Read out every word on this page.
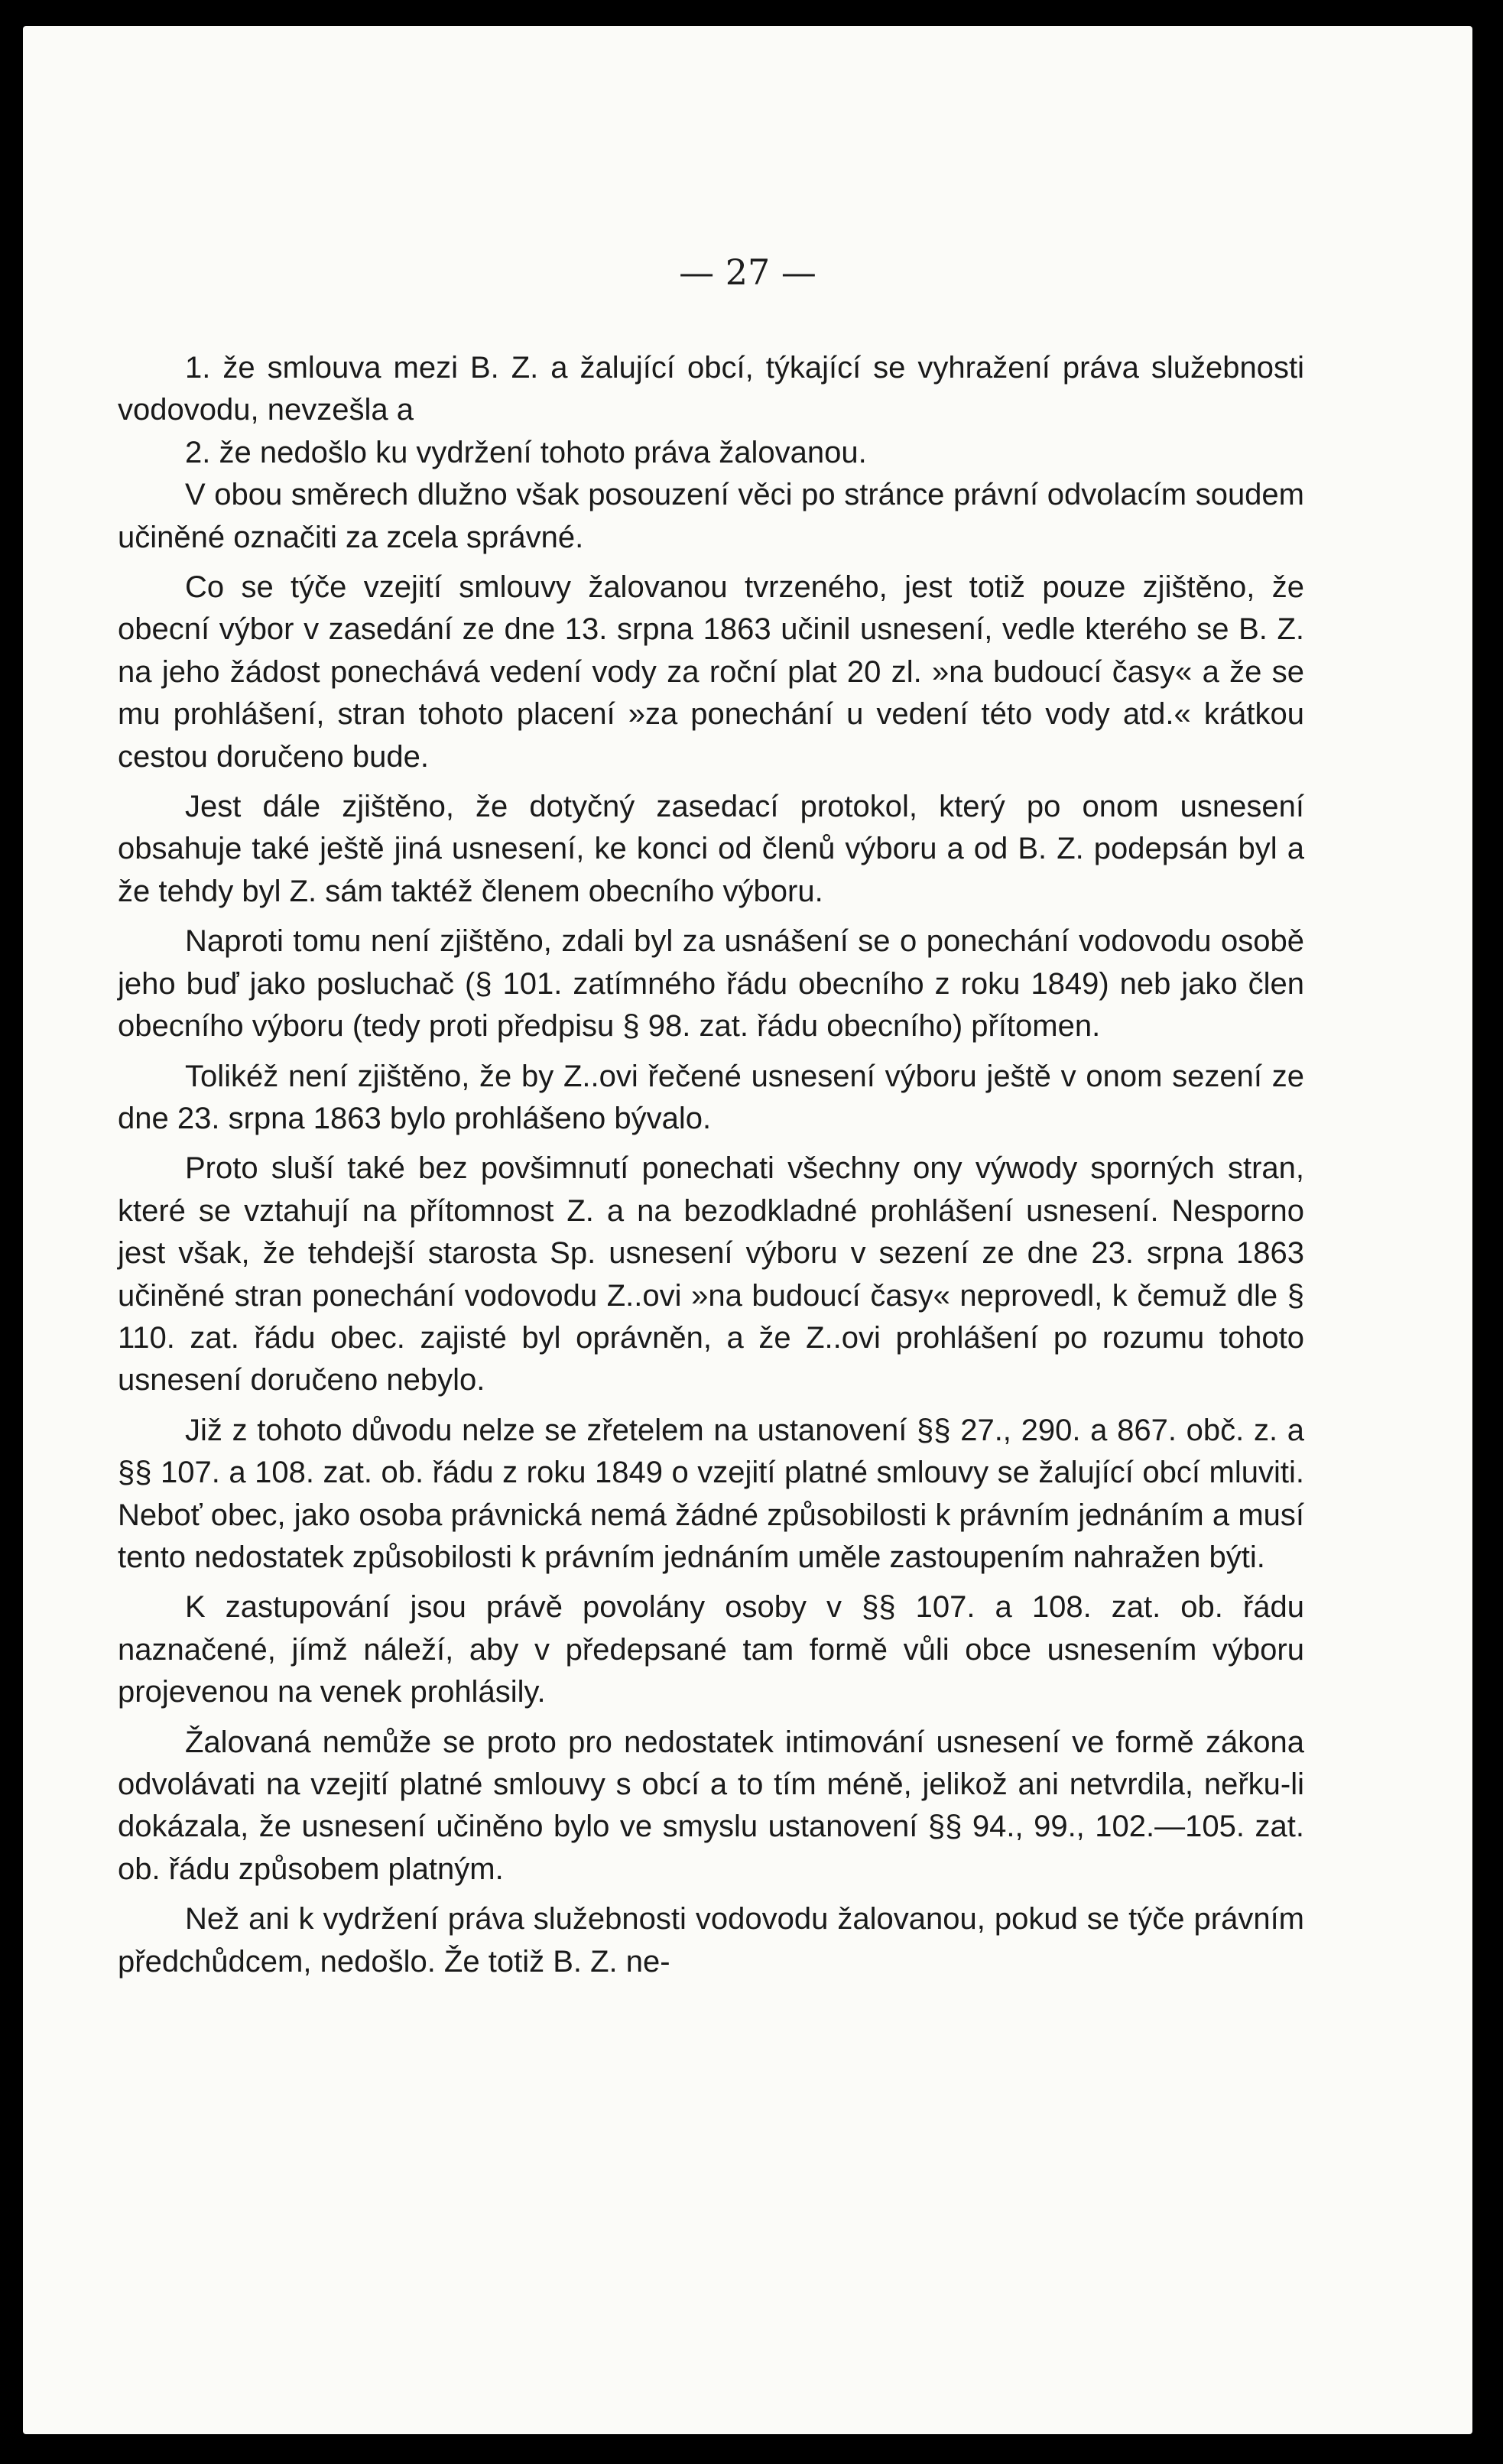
— 27 —

1. že smlouva mezi B. Z. a žalující obcí, týkající se vyhražení práva služebnosti vodovodu, nevzešla a

2. že nedošlo ku vydržení tohoto práva žalovanou.

V obou směrech dlužno však posouzení věci po stránce právní odvolacím soudem učiněné označiti za zcela správné.

Co se týče vzejití smlouvy žalovanou tvrzeného, jest totiž pouze zjištěno, že obecní výbor v zasedání ze dne 13. srpna 1863 učinil usnesení, vedle kterého se B. Z. na jeho žádost ponechává vedení vody za roční plat 20 zl. »na budoucí časy« a že se mu prohlášení, stran tohoto placení »za ponechání u vedení této vody atd.« krátkou cestou doručeno bude.

Jest dále zjištěno, že dotyčný zasedací protokol, který po onom usnesení obsahuje také ještě jiná usnesení, ke konci od členů výboru a od B. Z. podepsán byl a že tehdy byl Z. sám taktéž členem obecního výboru.

Naproti tomu není zjištěno, zdali byl za usnášení se o ponechání vodovodu osobě jeho buď jako posluchač (§ 101. zatímného řádu obecního z roku 1849) neb jako člen obecního výboru (tedy proti předpisu § 98. zat. řádu obecního) přítomen.

Tolikéž není zjištěno, že by Z..ovi řečené usnesení výboru ještě v onom sezení ze dne 23. srpna 1863 bylo prohlášeno bývalo.

Proto sluší také bez povšimnutí ponechati všechny ony výwody sporných stran, které se vztahují na přítomnost Z. a na bezodkladné prohlášení usnesení. Nesporno jest však, že tehdejší starosta Sp. usnesení výboru v sezení ze dne 23. srpna 1863 učiněné stran ponechání vodovodu Z..ovi »na budoucí časy« neprovedl, k čemuž dle § 110. zat. řádu obec. zajisté byl oprávněn, a že Z..ovi prohlášení po rozumu tohoto usnesení doručeno nebylo.

Již z tohoto důvodu nelze se zřetelem na ustanovení §§ 27., 290. a 867. obč. z. a §§ 107. a 108. zat. ob. řádu z roku 1849 o vzejití platné smlouvy se žalující obcí mluviti. Neboť obec, jako osoba právnická nemá žádné způsobilosti k právním jednáním a musí tento nedostatek způsobilosti k právním jednáním uměle zastoupením nahražen býti.

K zastupování jsou právě povolány osoby v §§ 107. a 108. zat. ob. řádu naznačené, jímž náleží, aby v předepsané tam formě vůli obce usnesením výboru projevenou na venek prohlásily.

Žalovaná nemůže se proto pro nedostatek intimování usnesení ve formě zákona odvolávati na vzejití platné smlouvy s obcí a to tím méně, jelikož ani netvrdila, neřku-li dokázala, že usnesení učiněno bylo ve smyslu ustanovení §§ 94., 99., 102.—105. zat. ob. řádu způsobem platným.

Než ani k vydržení práva služebnosti vodovodu žalovanou, pokud se týče právním předchůdcem, nedošlo. Že totiž B. Z. ne-
